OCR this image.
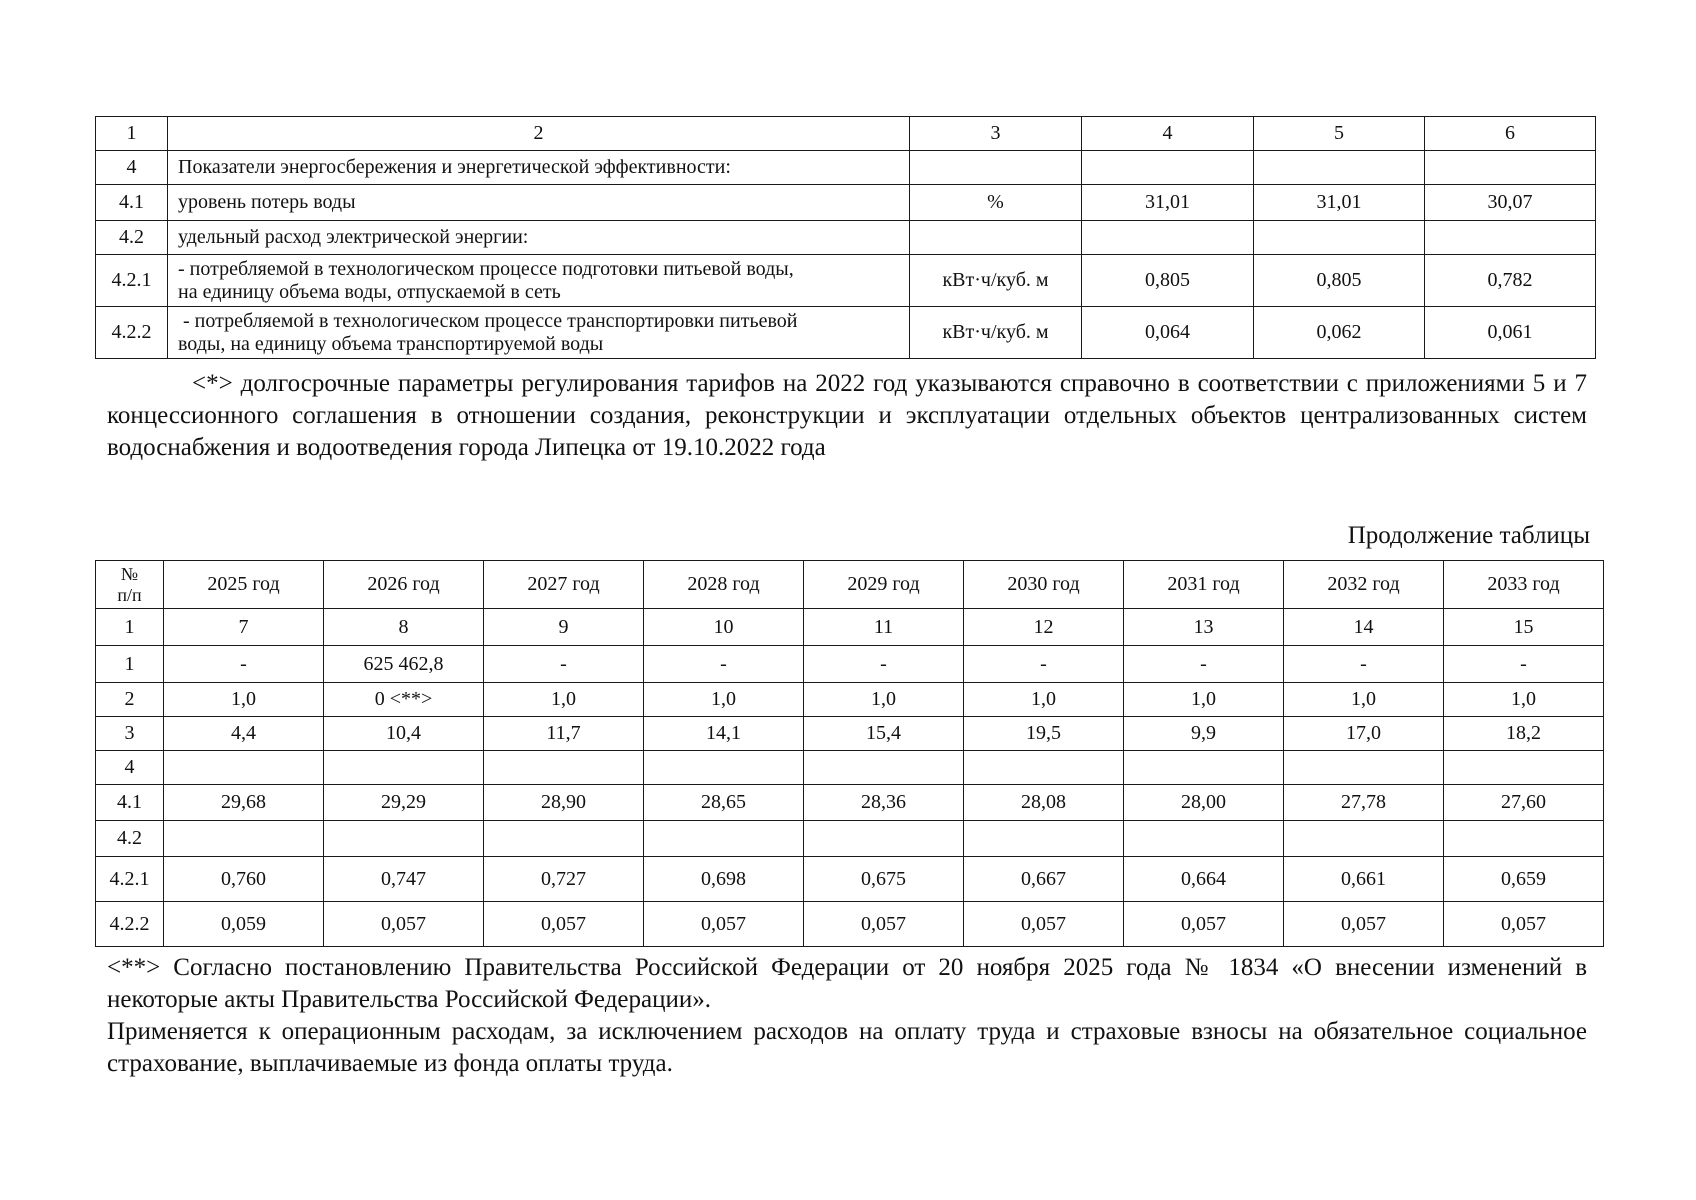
1	2	3	4	5	6
4	Показатели энергосбережения и энергетической эффективности:				
4.1	уровень потерь воды	%	31,01	31,01	30,07
4.2	удельный расход электрической энергии:				
4.2.1	- потребляемой в технологическом процессе подготовки питьевой воды,
на единицу объема воды, отпускаемой в сеть	кВт·ч/куб. м	0,805	0,805	0,782
4.2.2	- потребляемой в технологическом процессе транспортировки питьевой
воды, на единицу объема транспортируемой воды	кВт·ч/куб. м	0,064	0,062	0,061

<*> долгосрочные параметры регулирования тарифов на 2022 год указываются справочно в соответствии с приложениями 5 и 7 концессионного соглашения в отношении создания, реконструкции и эксплуатации отдельных объектов централизованных систем водоснабжения и водоотведения города Липецка от 19.10.2022 года

Продолжение таблицы
№
п/п	2025 год	2026 год	2027 год	2028 год	2029 год	2030 год	2031 год	2032 год	2033 год
1	7	8	9	10	11	12	13	14	15
1	-	625 462,8	-	-	-	-	-	-	-
2	1,0	0 <**>	1,0	1,0	1,0	1,0	1,0	1,0	1,0
3	4,4	10,4	11,7	14,1	15,4	19,5	9,9	17,0	18,2
4									
4.1	29,68	29,29	28,90	28,65	28,36	28,08	28,00	27,78	27,60
4.2									
4.2.1	0,760	0,747	0,727	0,698	0,675	0,667	0,664	0,661	0,659
4.2.2	0,059	0,057	0,057	0,057	0,057	0,057	0,057	0,057	0,057

<**> Согласно постановлению Правительства Российской Федерации от 20 ноября 2025 года № 1834 «О внесении изменений в некоторые акты Правительства Российской Федерации».

Применяется к операционным расходам, за исключением расходов на оплату труда и страховые взносы на обязательное социальное страхование, выплачиваемые из фонда оплаты труда.
